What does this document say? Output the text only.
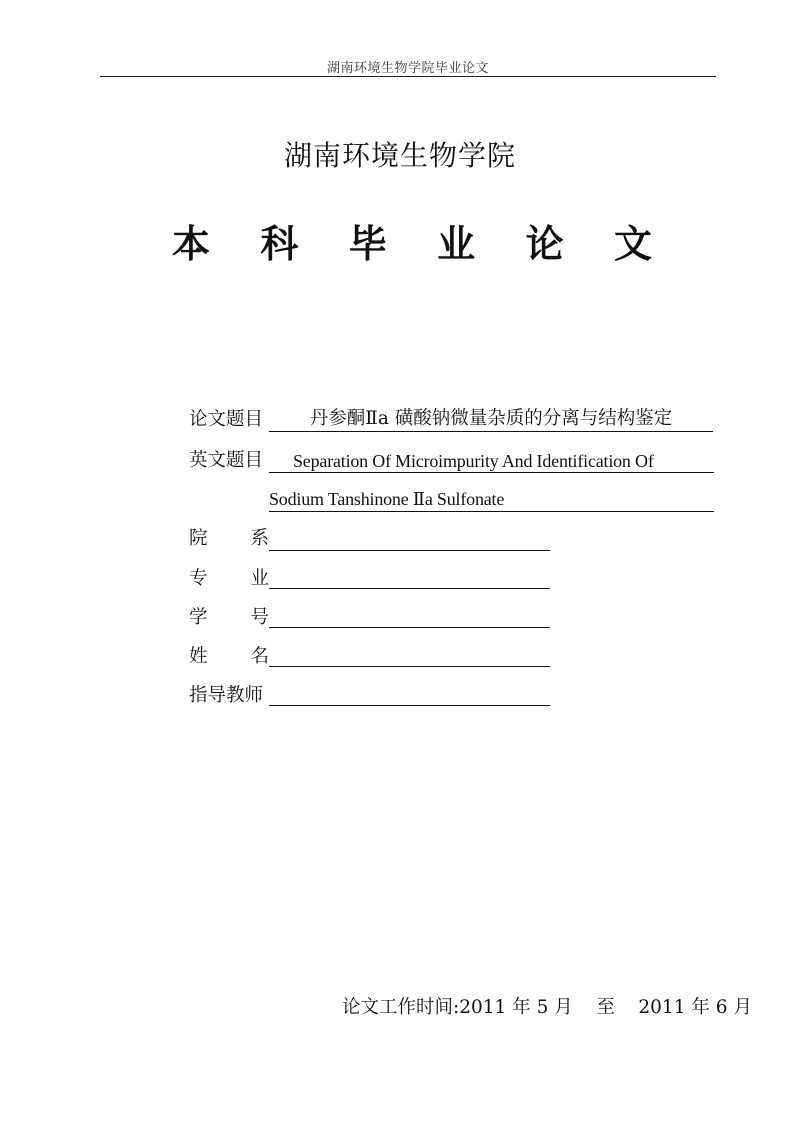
湖南环境生物学院毕业论文
湖南环境生物学院
本 科 毕 业 论 文
论文题目	丹参酮Ⅱa 磺酸钠微量杂质的分离与结构鉴定
英文题目	Separation Of Microimpurity And Identification Of
Sodium Tanshinone Ⅱa Sulfonate
院 系
专 业
学 号
姓 名
指导教师
论文工作时间:2011 年 5 月 至 2011 年 6 月
